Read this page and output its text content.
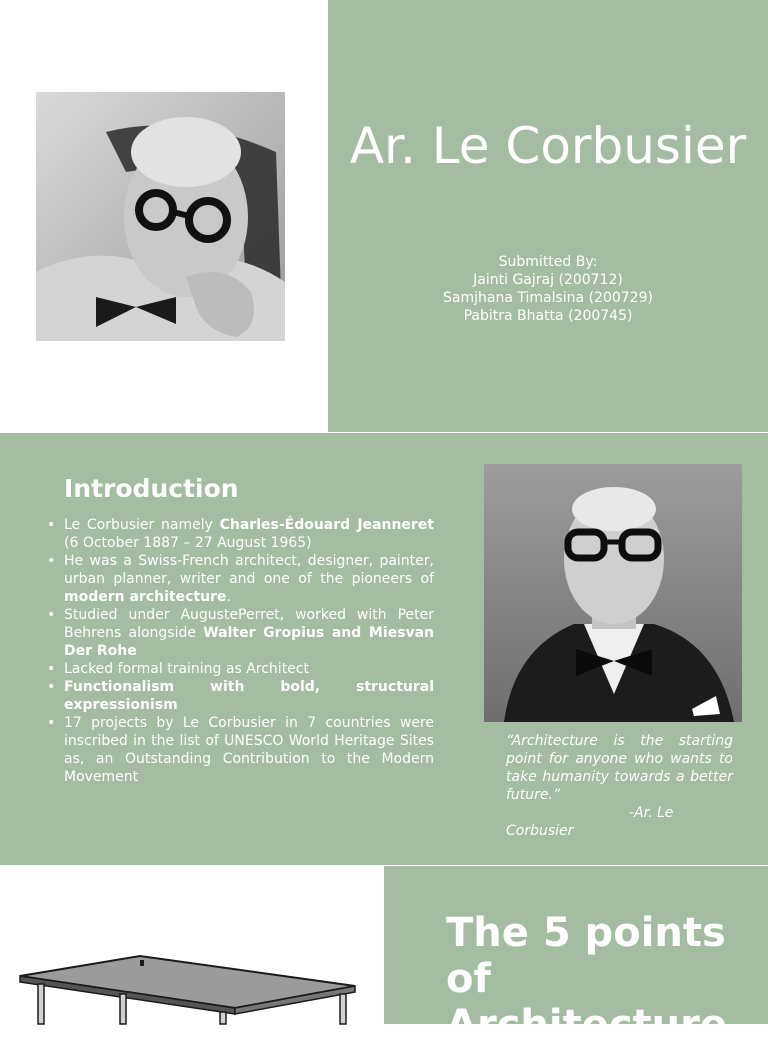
Ar. Le Corbusier
Submitted By:
Jainti Gajraj (200712)
Samjhana Timalsina (200729)
Pabitra Bhatta (200745)
Introduction
• Le Corbusier namely Charles-Édouard Jeanneret (6 October 1887 – 27 August 1965)
• He was a Swiss-French architect, designer, painter, urban planner, writer and one of the pioneers of modern architecture.
• Studied under AugustePerret, worked with Peter Behrens alongside Walter Gropius and Miesvan Der Rohe
• Lacked formal training as Architect
• Functionalism with bold, structural expressionism
• 17 projects by Le Corbusier in 7 countries were inscribed in the list of UNESCO World Heritage Sites as, an Outstanding Contribution to the Modern Movement

“Architecture is the starting point for anyone who wants to take humanity towards a better future.”

-Ar. Le
Corbusier

The 5 points of Architecture
